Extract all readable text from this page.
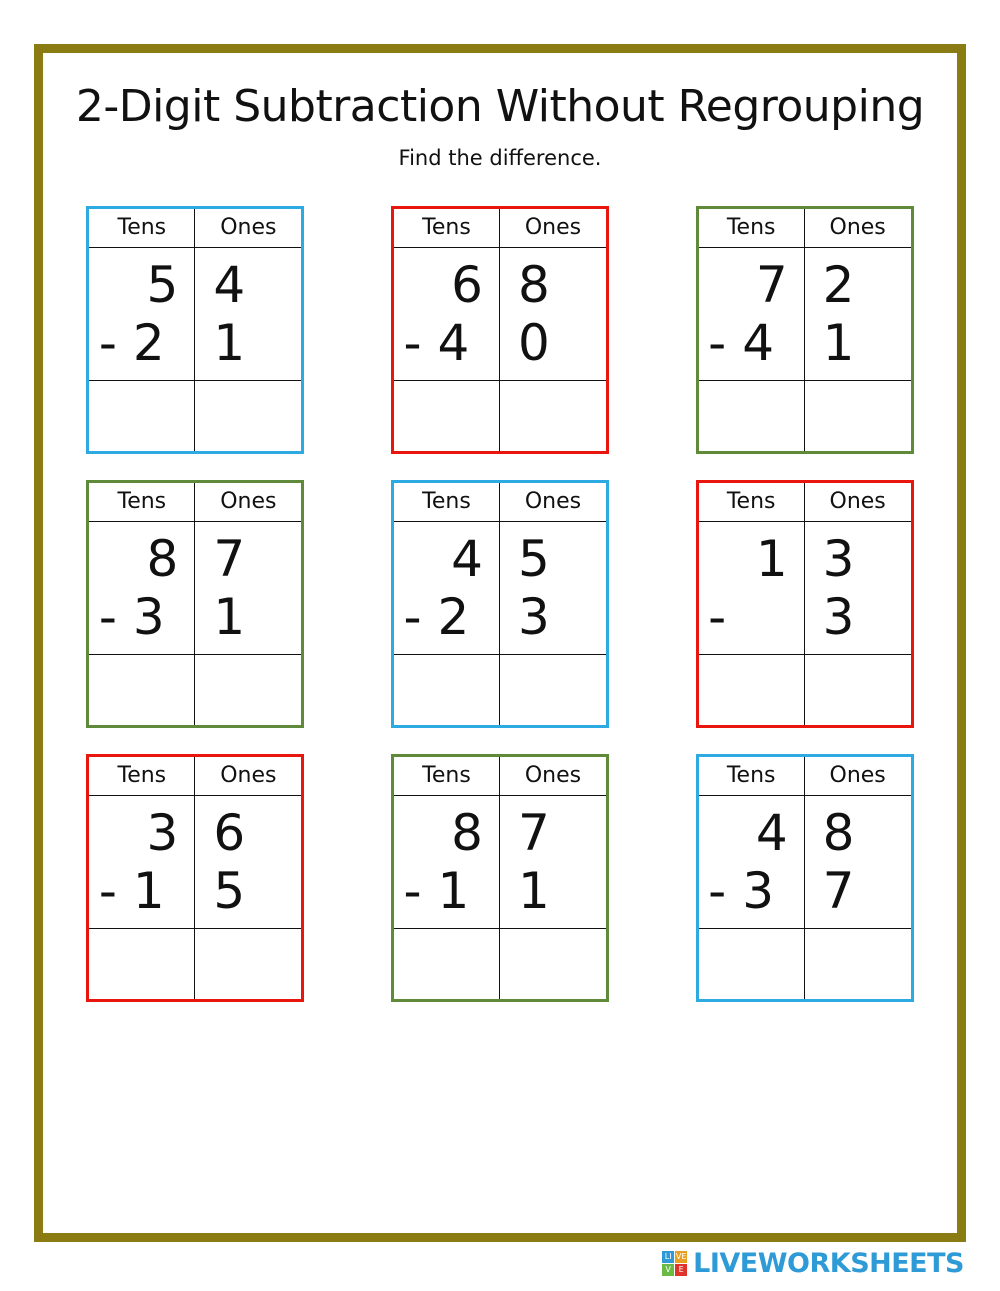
2-Digit Subtraction Without Regrouping
Find the difference.
Tens	Ones
5 4
- 2 1
Tens	Ones
6 8
- 4 0
Tens	Ones
7 2
- 4 1
Tens	Ones
8 7
- 3 1
Tens	Ones
4 5
- 2 3
Tens	Ones
1 3
-	3
Tens	Ones
3 6
- 1 5
Tens	Ones
8 7
- 1 1
Tens	Ones
4 8
- 3 7
LI VE
V E LIVEWORKSHEETS
